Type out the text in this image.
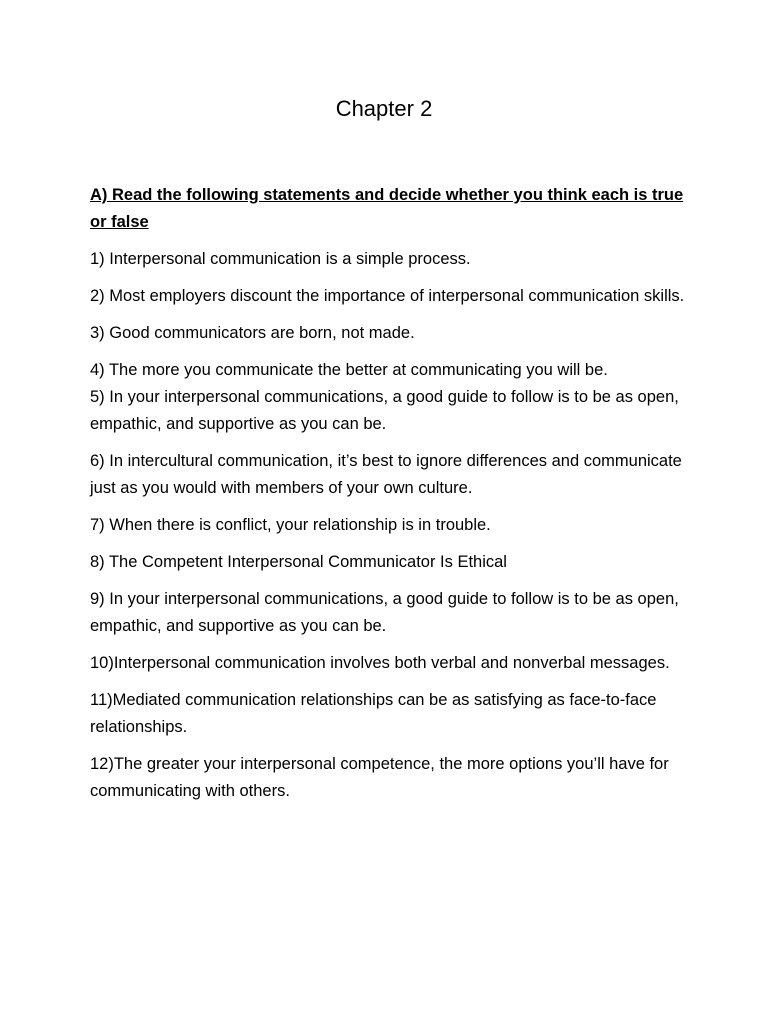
Chapter 2

A) Read the following statements and decide whether you think each is true or false

1) Interpersonal communication is a simple process.

2) Most employers discount the importance of interpersonal communication skills.

3) Good communicators are born, not made.

4) The more you communicate the better at communicating you will be.

5) In your interpersonal communications, a good guide to follow is to be as open, empathic, and supportive as you can be.

6) In intercultural communication, it’s best to ignore differences and communicate just as you would with members of your own culture.

7) When there is conflict, your relationship is in trouble.

8) The Competent Interpersonal Communicator Is Ethical

9) In your interpersonal communications, a good guide to follow is to be as open, empathic, and supportive as you can be.

10)Interpersonal communication involves both verbal and nonverbal messages.

11)Mediated communication relationships can be as satisfying as face-to-face relationships.

12)The greater your interpersonal competence, the more options you’ll have for communicating with others.
